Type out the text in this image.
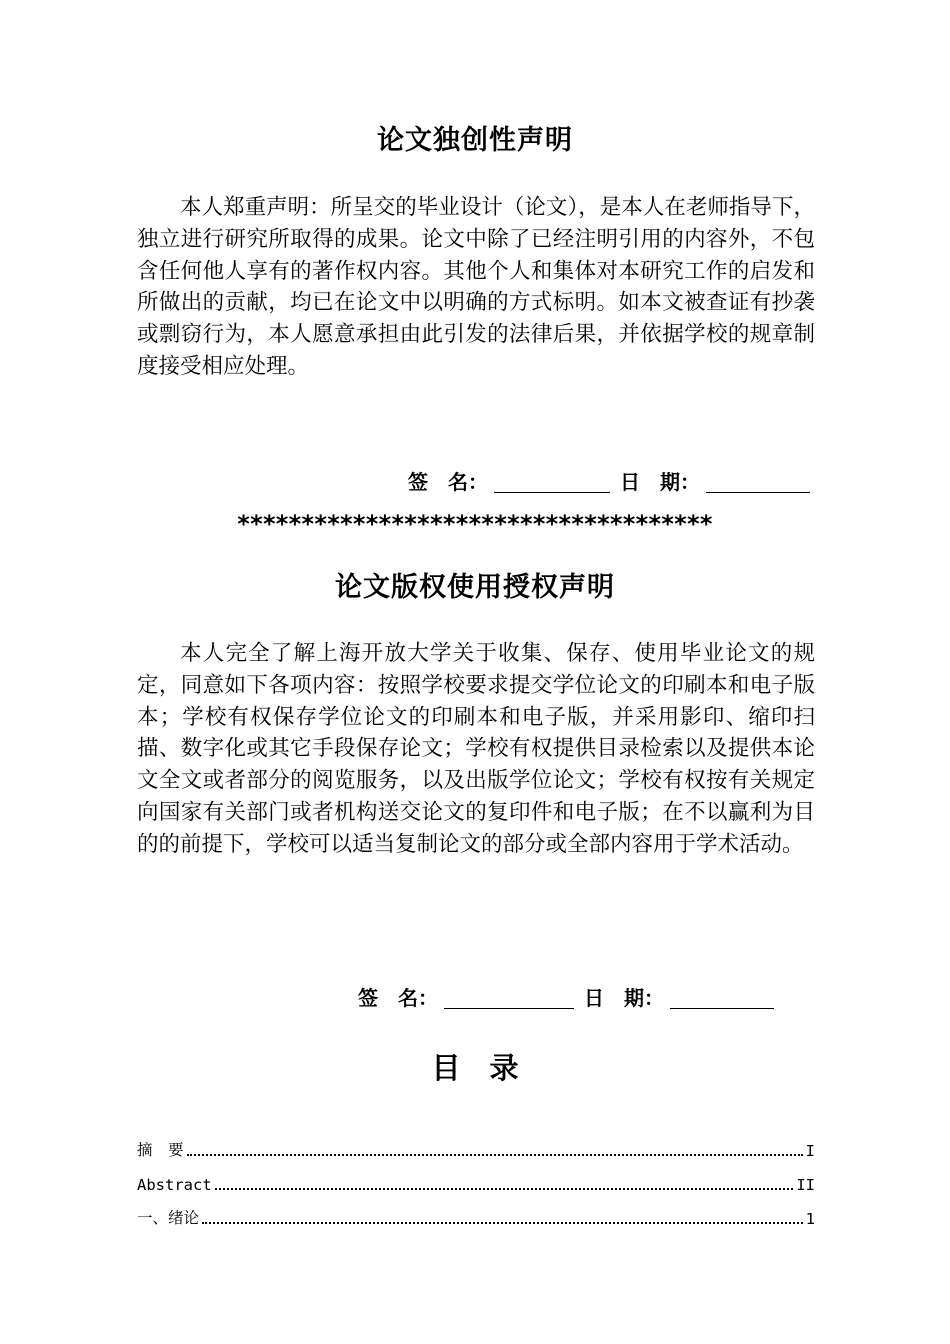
论文独创性声明

本人郑重声明：所呈交的毕业设计（论文），是本人在老师指导下，独立进行研究所取得的成果。论文中除了已经注明引用的内容外，不包含任何他人享有的著作权内容。其他个人和集体对本研究工作的启发和所做出的贡献，均已在论文中以明确的方式标明。如本文被查证有抄袭或剽窃行为，本人愿意承担由此引发的法律后果，并依据学校的规章制度接受相应处理。

签　名：	日　期：
*************************************
论文版权使用授权声明

本人完全了解上海开放大学关于收集、保存、使用毕业论文的规定，同意如下各项内容：按照学校要求提交学位论文的印刷本和电子版本；学校有权保存学位论文的印刷本和电子版，并采用影印、缩印扫描、数字化或其它手段保存论文；学校有权提供目录检索以及提供本论文全文或者部分的阅览服务，以及出版学位论文；学校有权按有关规定向国家有关部门或者机构送交论文的复印件和电子版；在不以赢利为目的的前提下，学校可以适当复制论文的部分或全部内容用于学术活动。

签　名：	日　期：
目　录
摘　要	I
Abstract	II
一、绪论	1
